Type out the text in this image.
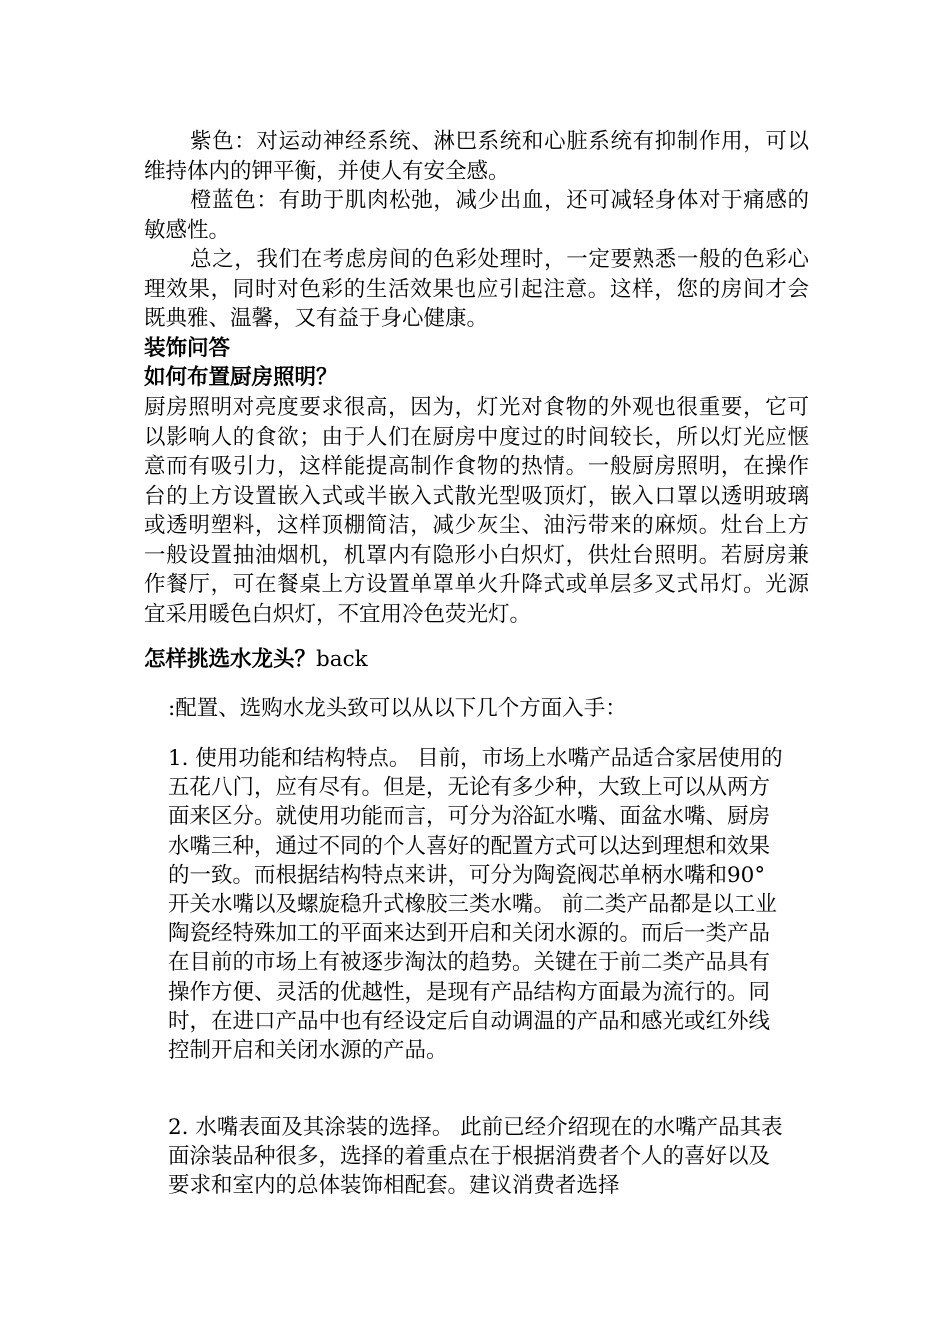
紫色：对运动神经系统、淋巴系统和心脏系统有抑制作用，可以维持体内的钾平衡，并使人有安全感。

橙蓝色：有助于肌肉松弛，减少出血，还可减轻身体对于痛感的敏感性。

总之，我们在考虑房间的色彩处理时，一定要熟悉一般的色彩心理效果，同时对色彩的生活效果也应引起注意。这样，您的房间才会既典雅、温馨，又有益于身心健康。

装饰问答
如何布置厨房照明？

厨房照明对亮度要求很高，因为，灯光对食物的外观也很重要，它可以影响人的食欲；由于人们在厨房中度过的时间较长，所以灯光应惬意而有吸引力，这样能提高制作食物的热情。一般厨房照明，在操作台的上方设置嵌入式或半嵌入式散光型吸顶灯，嵌入口罩以透明玻璃或透明塑料，这样顶棚简洁，减少灰尘、油污带来的麻烦。灶台上方一般设置抽油烟机，机罩内有隐形小白炽灯，供灶台照明。若厨房兼作餐厅，可在餐桌上方设置单罩单火升降式或单层多叉式吊灯。光源宜采用暖色白炽灯，不宜用冷色荧光灯。

怎样挑选水龙头？back

:配置、选购水龙头致可以从以下几个方面入手：

1. 使用功能和结构特点。 目前，市场上水嘴产品适合家居使用的五花八门，应有尽有。但是，无论有多少种，大致上可以从两方面来区分。就使用功能而言，可分为浴缸水嘴、面盆水嘴、厨房水嘴三种，通过不同的个人喜好的配置方式可以达到理想和效果的一致。而根据结构特点来讲，可分为陶瓷阀芯单柄水嘴和90° 开关水嘴以及螺旋稳升式橡胶三类水嘴。 前二类产品都是以工业陶瓷经特殊加工的平面来达到开启和关闭水源的。而后一类产品在目前的市场上有被逐步淘汰的趋势。关键在于前二类产品具有操作方便、灵活的优越性，是现有产品结构方面最为流行的。同时，在进口产品中也有经设定后自动调温的产品和感光或红外线控制开启和关闭水源的产品。

2. 水嘴表面及其涂装的选择。 此前已经介绍现在的水嘴产品其表面涂装品种很多，选择的着重点在于根据消费者个人的喜好以及要求和室内的总体装饰相配套。建议消费者选择
